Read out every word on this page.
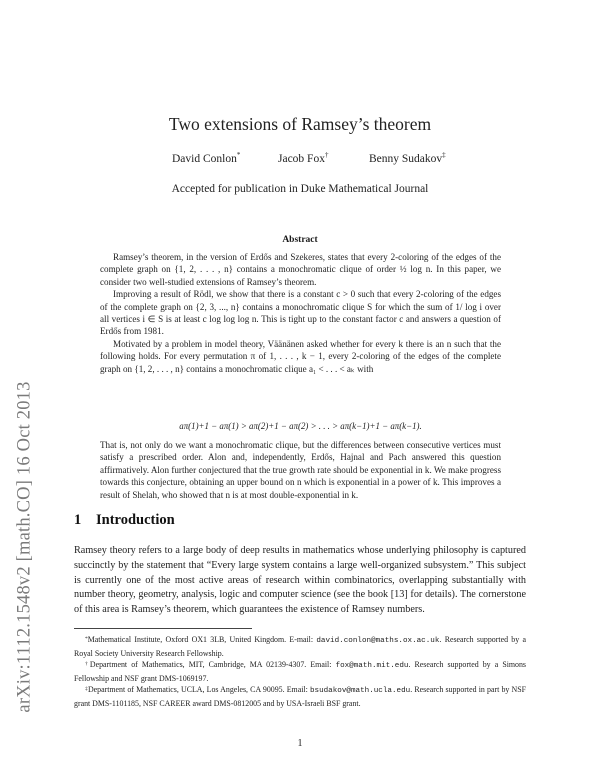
arXiv:1112.1548v2 [math.CO] 16 Oct 2013
Two extensions of Ramsey’s theorem
David Conlon*	Jacob Fox†	Benny Sudakov‡
Accepted for publication in Duke Mathematical Journal
Abstract

Ramsey’s theorem, in the version of Erdős and Szekeres, states that every 2-coloring of the edges of the complete graph on {1, 2, . . . , n} contains a monochromatic clique of order ½ log n. In this paper, we consider two well-studied extensions of Ramsey’s theorem.

Improving a result of Rödl, we show that there is a constant c > 0 such that every 2-coloring of the edges of the complete graph on {2, 3, ..., n} contains a monochromatic clique S for which the sum of 1/ log i over all vertices i ∈ S is at least c log log log n. This is tight up to the constant factor c and answers a question of Erdős from 1981.

Motivated by a problem in model theory, Väänänen asked whether for every k there is an n such that the following holds. For every permutation π of 1, . . . , k − 1, every 2-coloring of the edges of the complete graph on {1, 2, . . . , n} contains a monochromatic clique a₁ < . . . < aₖ with

aπ(1)+1 − aπ(1) > aπ(2)+1 − aπ(2) > . . . > aπ(k−1)+1 − aπ(k−1).

That is, not only do we want a monochromatic clique, but the differences between consecutive vertices must satisfy a prescribed order. Alon and, independently, Erdős, Hajnal and Pach answered this question affirmatively. Alon further conjectured that the true growth rate should be exponential in k. We make progress towards this conjecture, obtaining an upper bound on n which is exponential in a power of k. This improves a result of Shelah, who showed that n is at most double-exponential in k.

1 Introduction

Ramsey theory refers to a large body of deep results in mathematics whose underlying philosophy is captured succinctly by the statement that “Every large system contains a large well-organized subsystem.” This subject is currently one of the most active areas of research within combinatorics, overlapping substantially with number theory, geometry, analysis, logic and computer science (see the book [13] for details). The cornerstone of this area is Ramsey’s theorem, which guarantees the existence of Ramsey numbers.

*Mathematical Institute, Oxford OX1 3LB, United Kingdom. E-mail: david.conlon@maths.ox.ac.uk. Research supported by a Royal Society University Research Fellowship.

†Department of Mathematics, MIT, Cambridge, MA 02139-4307. Email: fox@math.mit.edu. Research supported by a Simons Fellowship and NSF grant DMS-1069197.

‡Department of Mathematics, UCLA, Los Angeles, CA 90095. Email: bsudakov@math.ucla.edu. Research supported in part by NSF grant DMS-1101185, NSF CAREER award DMS-0812005 and by USA-Israeli BSF grant.

1
